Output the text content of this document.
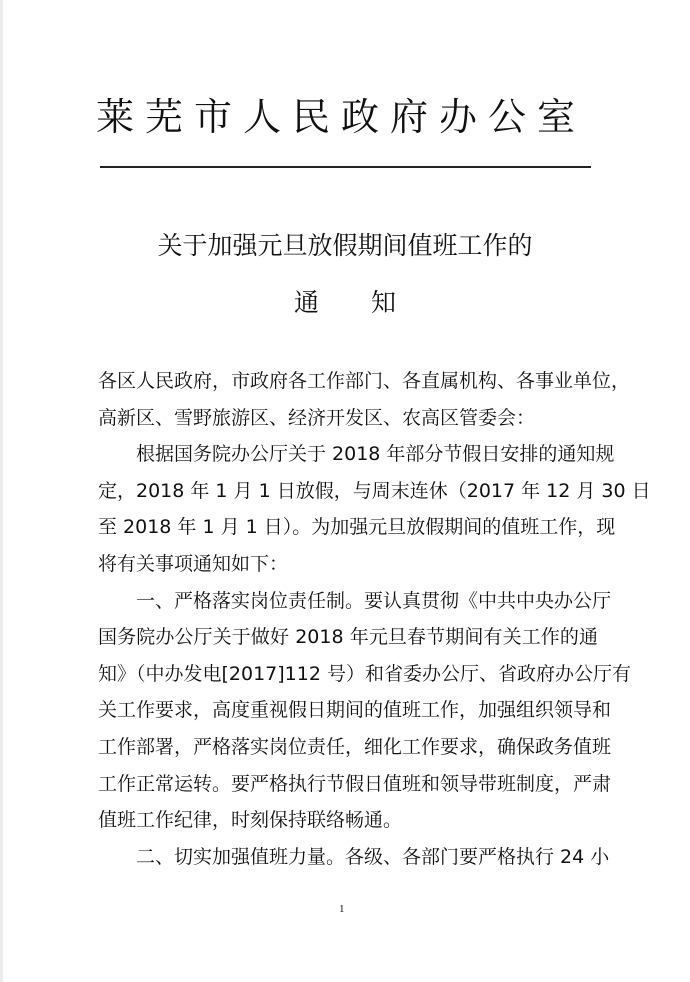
莱芜市人民政府办公室
关于加强元旦放假期间值班工作的
通 知
各区人民政府，市政府各工作部门、各直属机构、各事业单位，
高新区、雪野旅游区、经济开发区、农高区管委会：
根据国务院办公厅关于 2018 年部分节假日安排的通知规
定，2018 年 1 月 1 日放假，与周末连休（2017 年 12 月 30 日
至 2018 年 1 月 1 日）。为加强元旦放假期间的值班工作，现
将有关事项通知如下：
一、严格落实岗位责任制。要认真贯彻《中共中央办公厅
国务院办公厅关于做好 2018 年元旦春节期间有关工作的通
知》（中办发电[2017]112 号）和省委办公厅、省政府办公厅有
关工作要求，高度重视假日期间的值班工作，加强组织领导和
工作部署，严格落实岗位责任，细化工作要求，确保政务值班
工作正常运转。要严格执行节假日值班和领导带班制度，严肃
值班工作纪律，时刻保持联络畅通。
二、切实加强值班力量。各级、各部门要严格执行 24 小
1
